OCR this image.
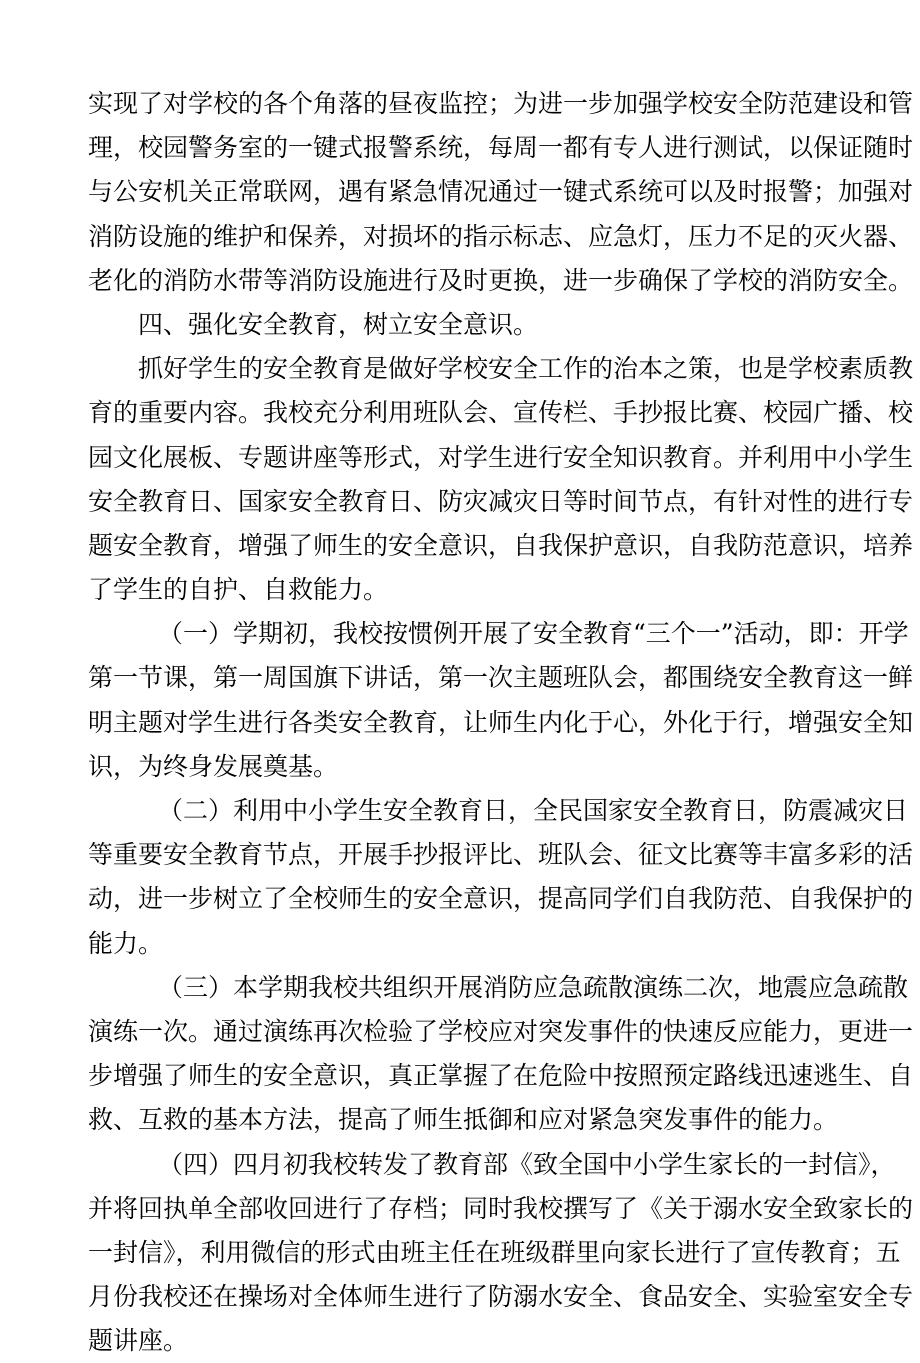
实现了对学校的各个角落的昼夜监控；为进一步加强学校安全防范建设和管
理，校园警务室的一键式报警系统，每周一都有专人进行测试，以保证随时
与公安机关正常联网，遇有紧急情况通过一键式系统可以及时报警；加强对
消防设施的维护和保养，对损坏的指示标志、应急灯，压力不足的灭火器、
老化的消防水带等消防设施进行及时更换，进一步确保了学校的消防安全。
四、强化安全教育，树立安全意识。
抓好学生的安全教育是做好学校安全工作的治本之策，也是学校素质教
育的重要内容。我校充分利用班队会、宣传栏、手抄报比赛、校园广播、校
园文化展板、专题讲座等形式，对学生进行安全知识教育。并利用中小学生
安全教育日、国家安全教育日、防灾减灾日等时间节点，有针对性的进行专
题安全教育，增强了师生的安全意识，自我保护意识，自我防范意识，培养
了学生的自护、自救能力。
（一）学期初，我校按惯例开展了安全教育“三个一”活动，即：开学
第一节课，第一周国旗下讲话，第一次主题班队会，都围绕安全教育这一鲜
明主题对学生进行各类安全教育，让师生内化于心，外化于行，增强安全知
识，为终身发展奠基。
（二）利用中小学生安全教育日，全民国家安全教育日，防震减灾日
等重要安全教育节点，开展手抄报评比、班队会、征文比赛等丰富多彩的活
动，进一步树立了全校师生的安全意识，提高同学们自我防范、自我保护的
能力。
（三）本学期我校共组织开展消防应急疏散演练二次，地震应急疏散
演练一次。通过演练再次检验了学校应对突发事件的快速反应能力，更进一
步增强了师生的安全意识，真正掌握了在危险中按照预定路线迅速逃生、自
救、互救的基本方法，提高了师生抵御和应对紧急突发事件的能力。
（四）四月初我校转发了教育部《致全国中小学生家长的一封信》，
并将回执单全部收回进行了存档；同时我校撰写了《关于溺水安全致家长的
一封信》，利用微信的形式由班主任在班级群里向家长进行了宣传教育；五
月份我校还在操场对全体师生进行了防溺水安全、食品安全、实验室安全专
题讲座。
